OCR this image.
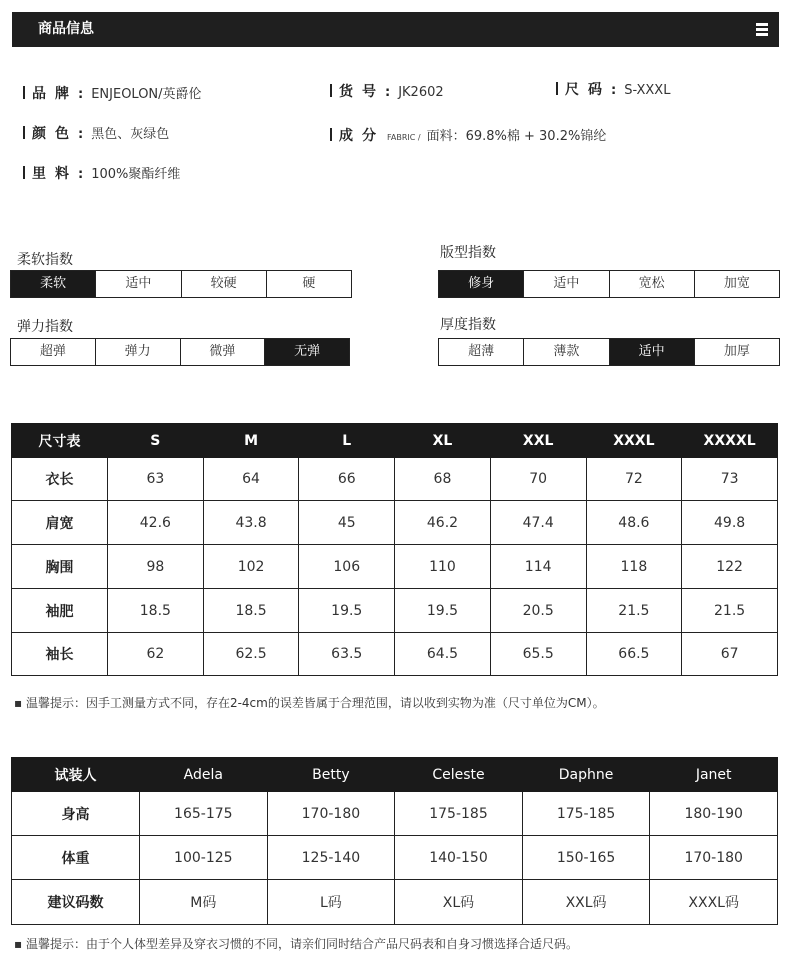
商品信息
品牌: ENJEOLON/英爵伦	货号: JK2602	尺码: S-XXXL
颜色: 黑色、灰绿色	成分 FABRIC / 面料：69.8%棉 + 30.2%锦纶
里料: 100%聚酯纤维
柔软指数
柔软	适中	较硬	硬
版型指数
修身	适中	宽松	加宽
弹力指数
超弹	弹力	微弹	无弹
厚度指数
超薄	薄款	适中	加厚
尺寸表	S	M	L	XL	XXL	XXXL	XXXXL
衣长	63	64	66	68	70	72	73
肩宽	42.6	43.8	45	46.2	47.4	48.6	49.8
胸围	98	102	106	110	114	118	122
袖肥	18.5	18.5	19.5	19.5	20.5	21.5	21.5
袖长	62	62.5	63.5	64.5	65.5	66.5	67
▪ 温馨提示：因手工测量方式不同，存在2-4cm的误差皆属于合理范围，请以收到实物为准（尺寸单位为CM）。
试装人	Adela	Betty	Celeste	Daphne	Janet
身高	165-175	170-180	175-185	175-185	180-190
体重	100-125	125-140	140-150	150-165	170-180
建议码数	M码	L码	XL码	XXL码	XXXL码
▪ 温馨提示：由于个人体型差异及穿衣习惯的不同，请亲们同时结合产品尺码表和自身习惯选择合适尺码。
